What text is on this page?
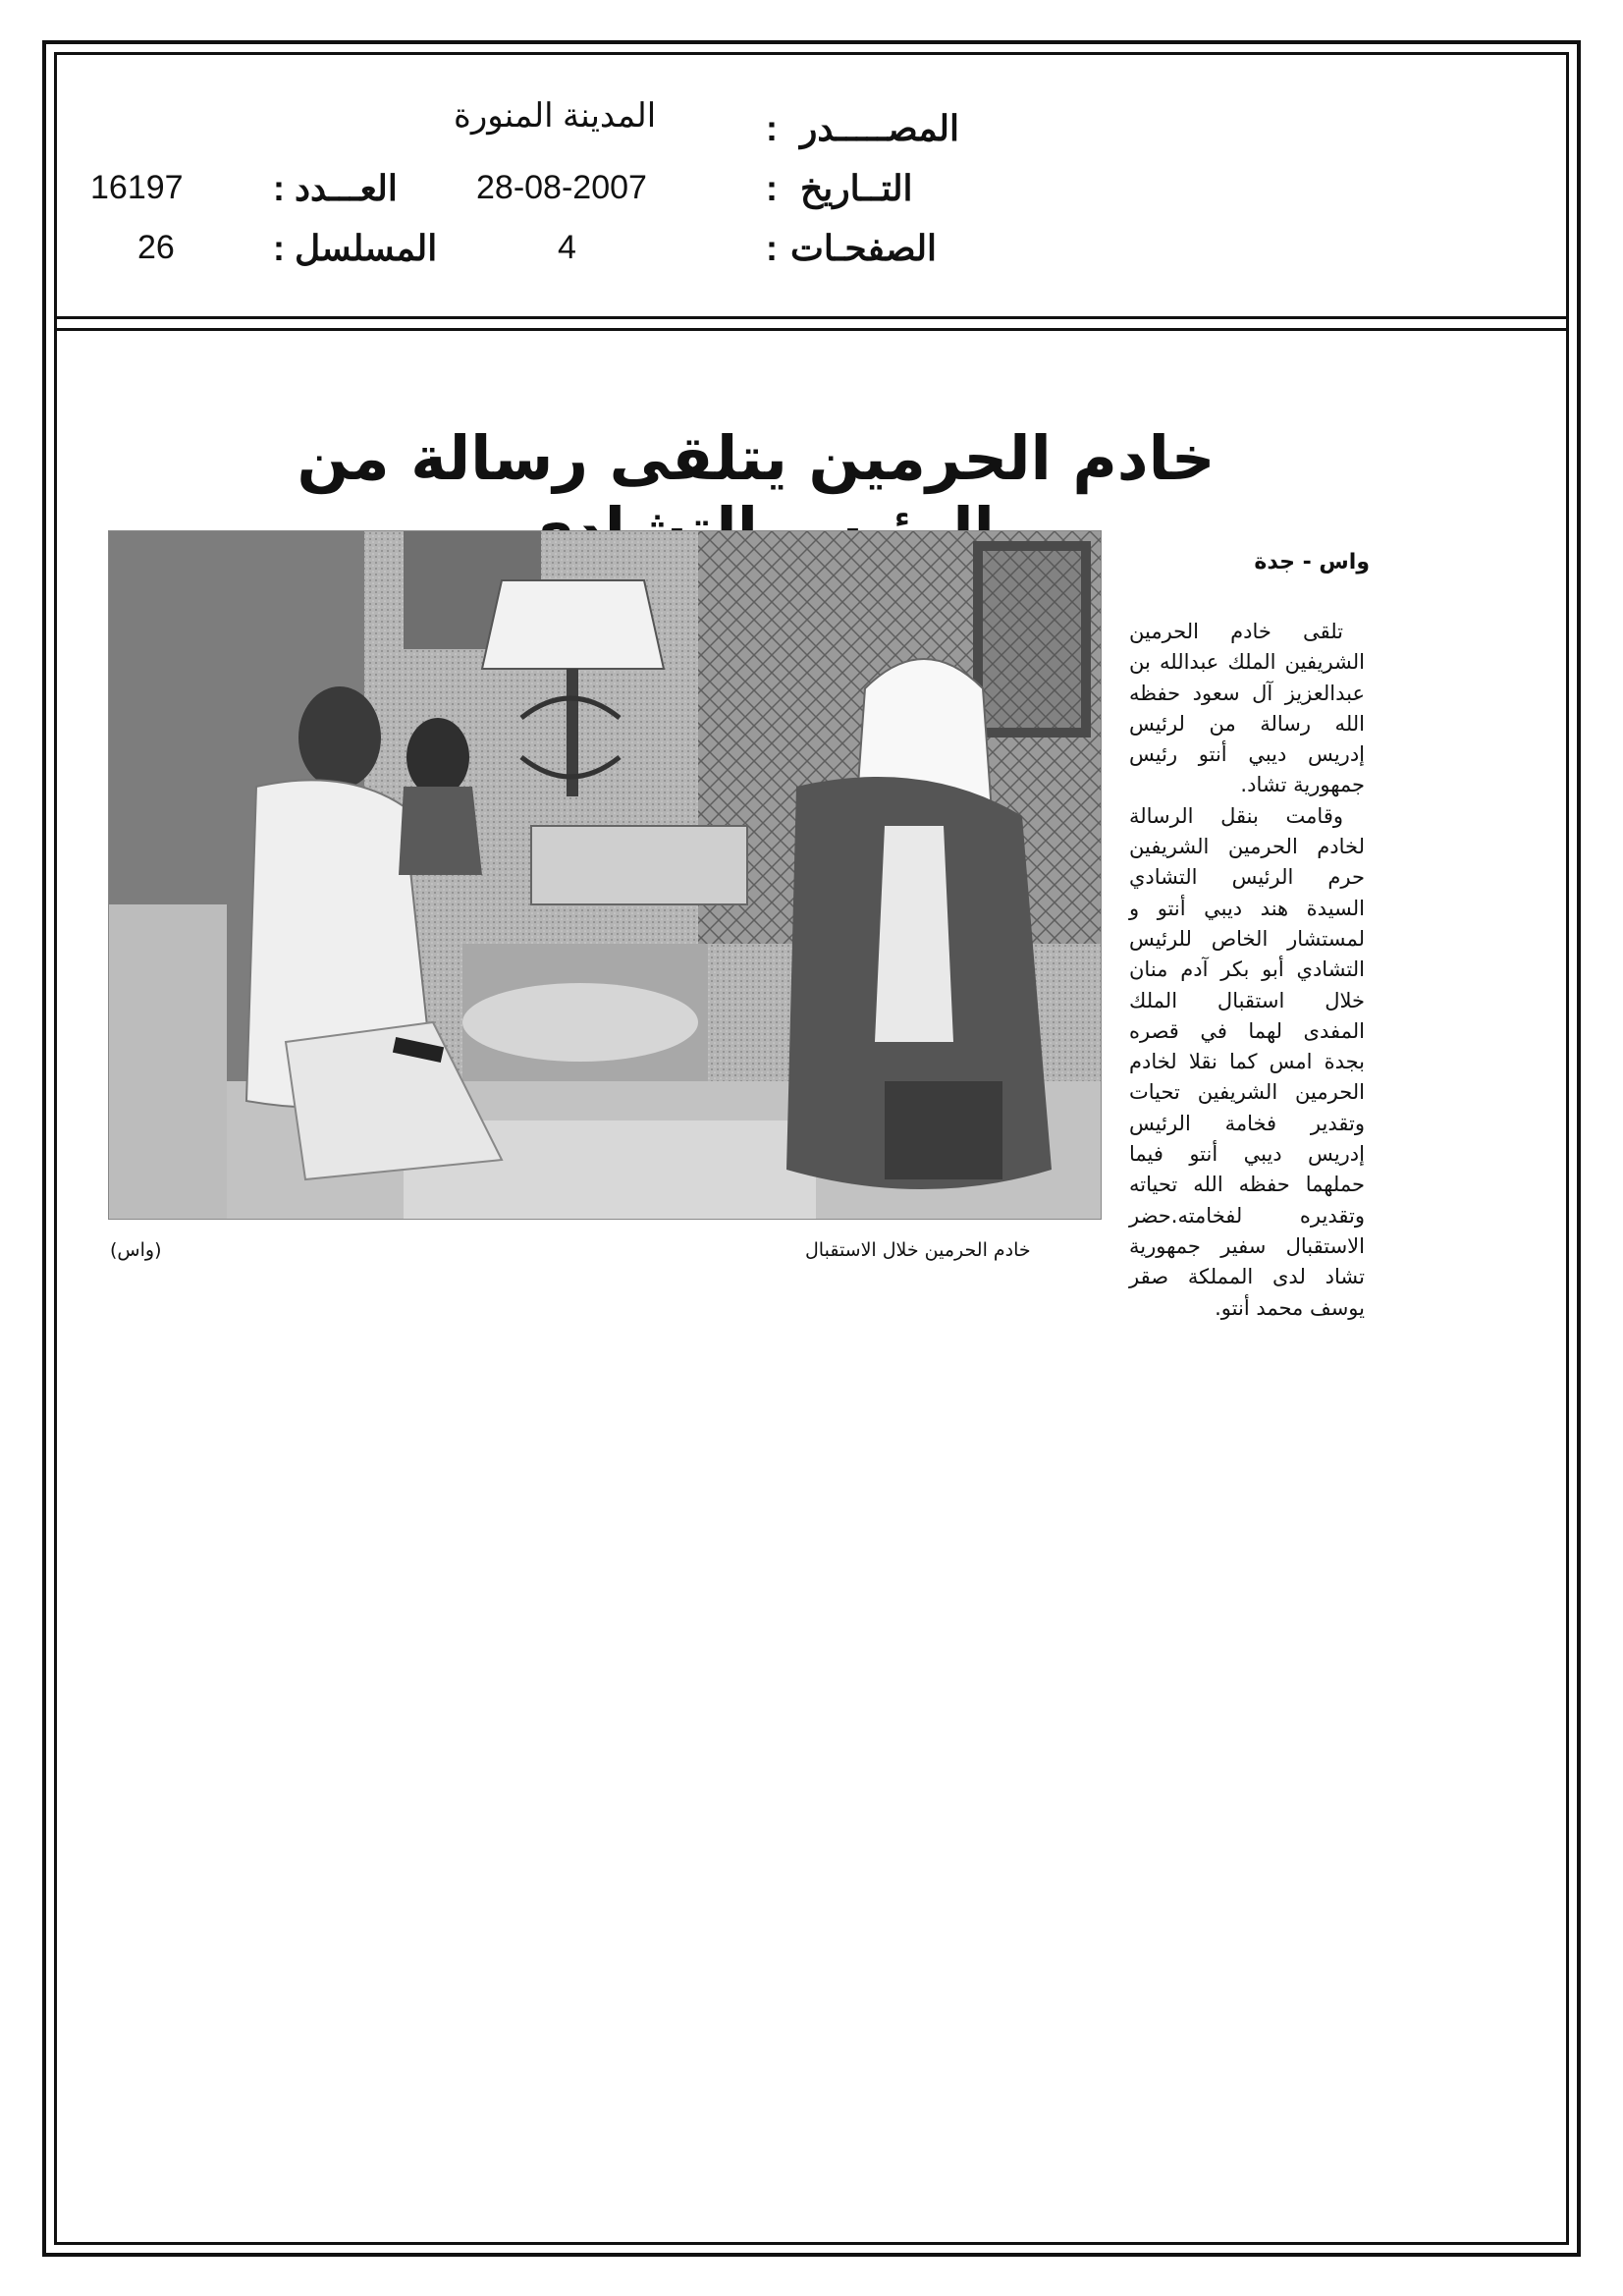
المصـــــدر
:
المدينة المنورة
التــاريخ
:
28-08-2007
الصفحـات
:
4
العـــدد
:
16197
المسلسل
:
26
خادم الحرمين يتلقى رسالة من
خادم الحرمين خلال الاستقبال
(واس)
واس - جدة

تلقى خادم الحرمين الشريفين الملك عبدالله بن عبدالعزيز آل سعود حفظه الله رسالة من لرئيس إدريس ديبي أنتو رئيس جمهورية تشاد.

وقامت بنقل الرسالة لخادم الحرمين الشريفين حرم الرئيس التشادي السيدة هند ديبي أنتو و لمستشار الخاص للرئيس التشادي أبو بكر آدم منان خلال استقبال الملك المفدى لهما في قصره بجدة امس كما نقلا لخادم الحرمين الشريفين تحيات وتقدير فخامة الرئيس إدريس ديبي أنتو فيما حملهما حفظه الله تحياته وتقديره لفخامته.حضر الاستقبال سفير جمهورية تشاد لدى المملكة صقر يوسف محمد أنتو.
